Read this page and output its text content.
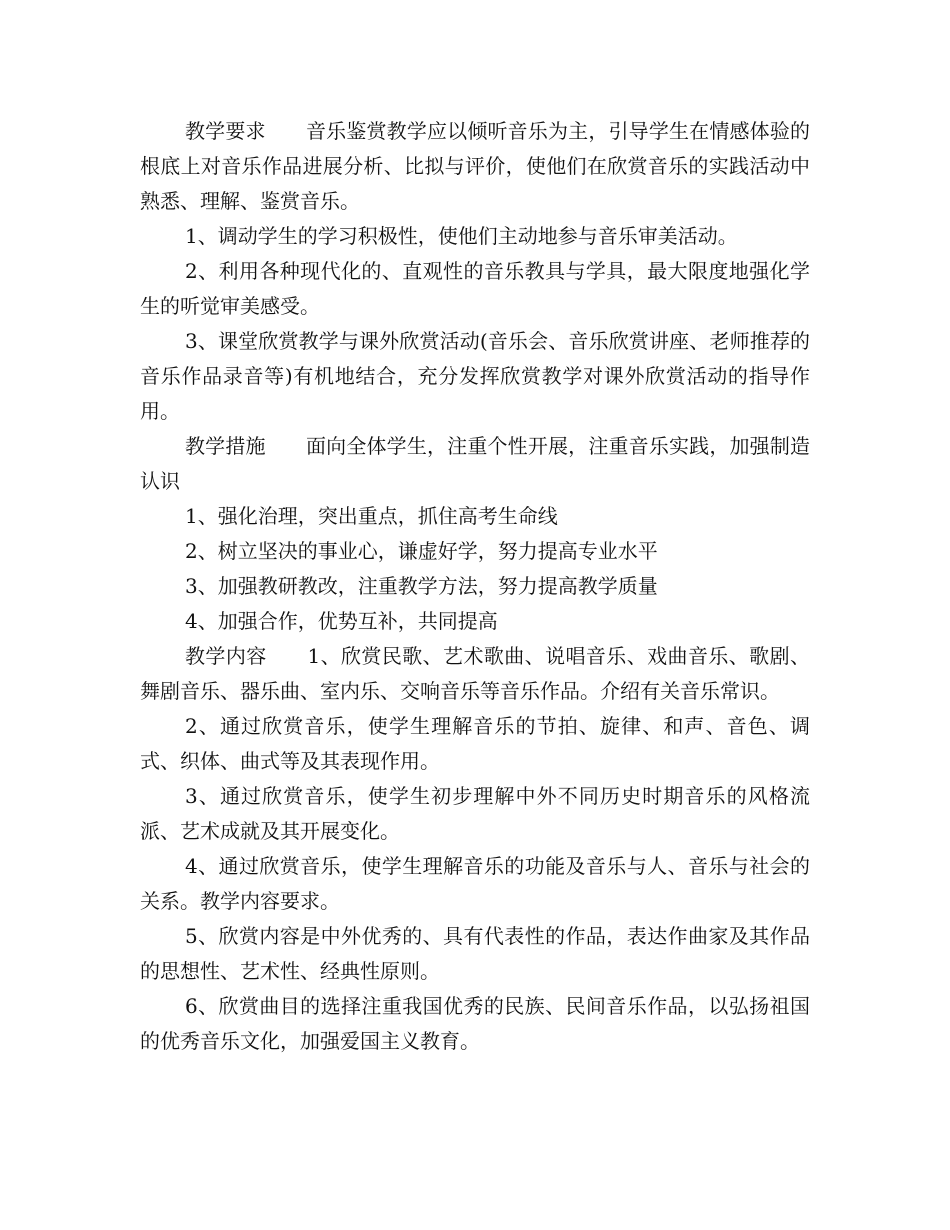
教学要求　　音乐鉴赏教学应以倾听音乐为主，引导学生在情感体验的根底上对音乐作品进展分析、比拟与评价，使他们在欣赏音乐的实践活动中熟悉、理解、鉴赏音乐。

1、调动学生的学习积极性，使他们主动地参与音乐审美活动。

2、利用各种现代化的、直观性的音乐教具与学具，最大限度地强化学生的听觉审美感受。

3、课堂欣赏教学与课外欣赏活动(音乐会、音乐欣赏讲座、老师推荐的音乐作品录音等)有机地结合，充分发挥欣赏教学对课外欣赏活动的指导作用。

教学措施　　面向全体学生，注重个性开展，注重音乐实践，加强制造认识

1、强化治理，突出重点，抓住高考生命线

2、树立坚决的事业心，谦虚好学，努力提高专业水平

3、加强教研教改，注重教学方法，努力提高教学质量

4、加强合作，优势互补，共同提高

教学内容　　1、欣赏民歌、艺术歌曲、说唱音乐、戏曲音乐、歌剧、舞剧音乐、器乐曲、室内乐、交响音乐等音乐作品。介绍有关音乐常识。

2、通过欣赏音乐，使学生理解音乐的节拍、旋律、和声、音色、调式、织体、曲式等及其表现作用。

3、通过欣赏音乐，使学生初步理解中外不同历史时期音乐的风格流派、艺术成就及其开展变化。

4、通过欣赏音乐，使学生理解音乐的功能及音乐与人、音乐与社会的关系。教学内容要求。

5、欣赏内容是中外优秀的、具有代表性的作品，表达作曲家及其作品的思想性、艺术性、经典性原则。

6、欣赏曲目的选择注重我国优秀的民族、民间音乐作品，以弘扬祖国的优秀音乐文化，加强爱国主义教育。
